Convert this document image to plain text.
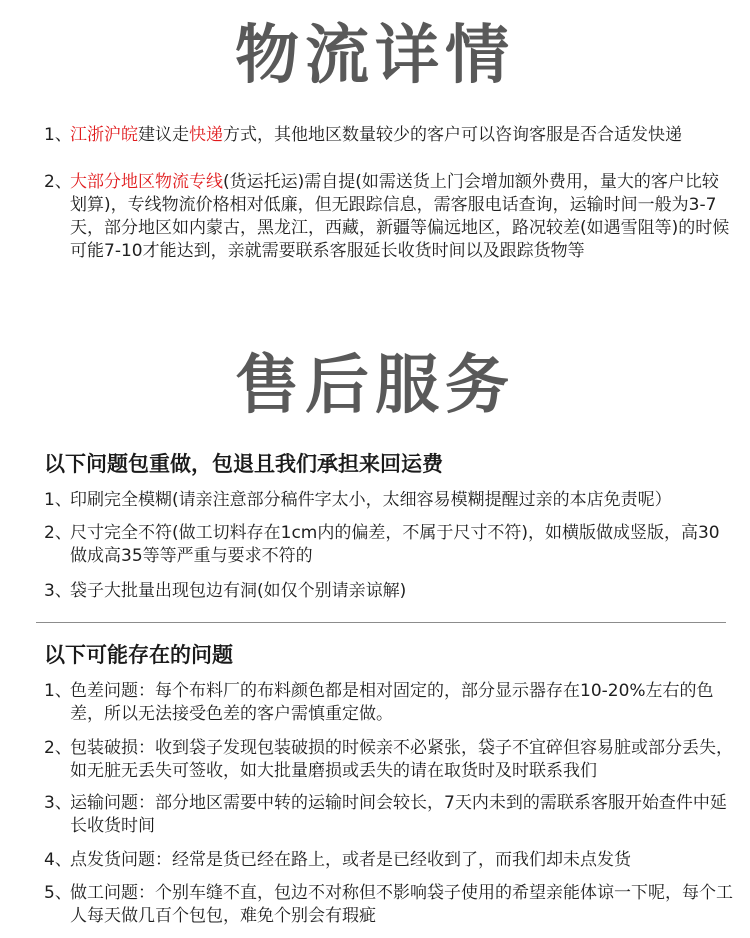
物流详情
1、
江浙沪皖建议走快递方式，其他地区数量较少的客户可以咨询客服是否合适发快递
2、
大部分地区物流专线(货运托运)需自提(如需送货上门会增加额外费用，量大的客户比较划算)，专线物流价格相对低廉，但无跟踪信息，需客服电话查询，运输时间一般为3-7天，部分地区如内蒙古，黑龙江，西藏，新疆等偏远地区，路况较差(如遇雪阻等)的时候可能7-10才能达到，亲就需要联系客服延长收货时间以及跟踪货物等
售后服务
以下问题包重做，包退且我们承担来回运费
1、
印刷完全模糊(请亲注意部分稿件字太小，太细容易模糊提醒过亲的本店免责呢）
2、
尺寸完全不符(做工切料存在1cm内的偏差，不属于尺寸不符)，如横版做成竖版，高30做成高35等等严重与要求不符的
3、
袋子大批量出现包边有洞(如仅个别请亲谅解)
以下可能存在的问题
1、
色差问题：每个布料厂的布料颜色都是相对固定的，部分显示器存在10-20%左右的色差，所以无法接受色差的客户需慎重定做。
2、
包装破损：收到袋子发现包装破损的时候亲不必紧张，袋子不宜碎但容易脏或部分丢失，如无脏无丢失可签收，如大批量磨损或丢失的请在取货时及时联系我们
3、
运输问题：部分地区需要中转的运输时间会较长，7天内未到的需联系客服开始查件中延长收货时间
4、
点发货问题：经常是货已经在路上，或者是已经收到了，而我们却未点发货
5、
做工问题：个别车缝不直，包边不对称但不影响袋子使用的希望亲能体谅一下呢，每个工人每天做几百个包包，难免个别会有瑕疵
